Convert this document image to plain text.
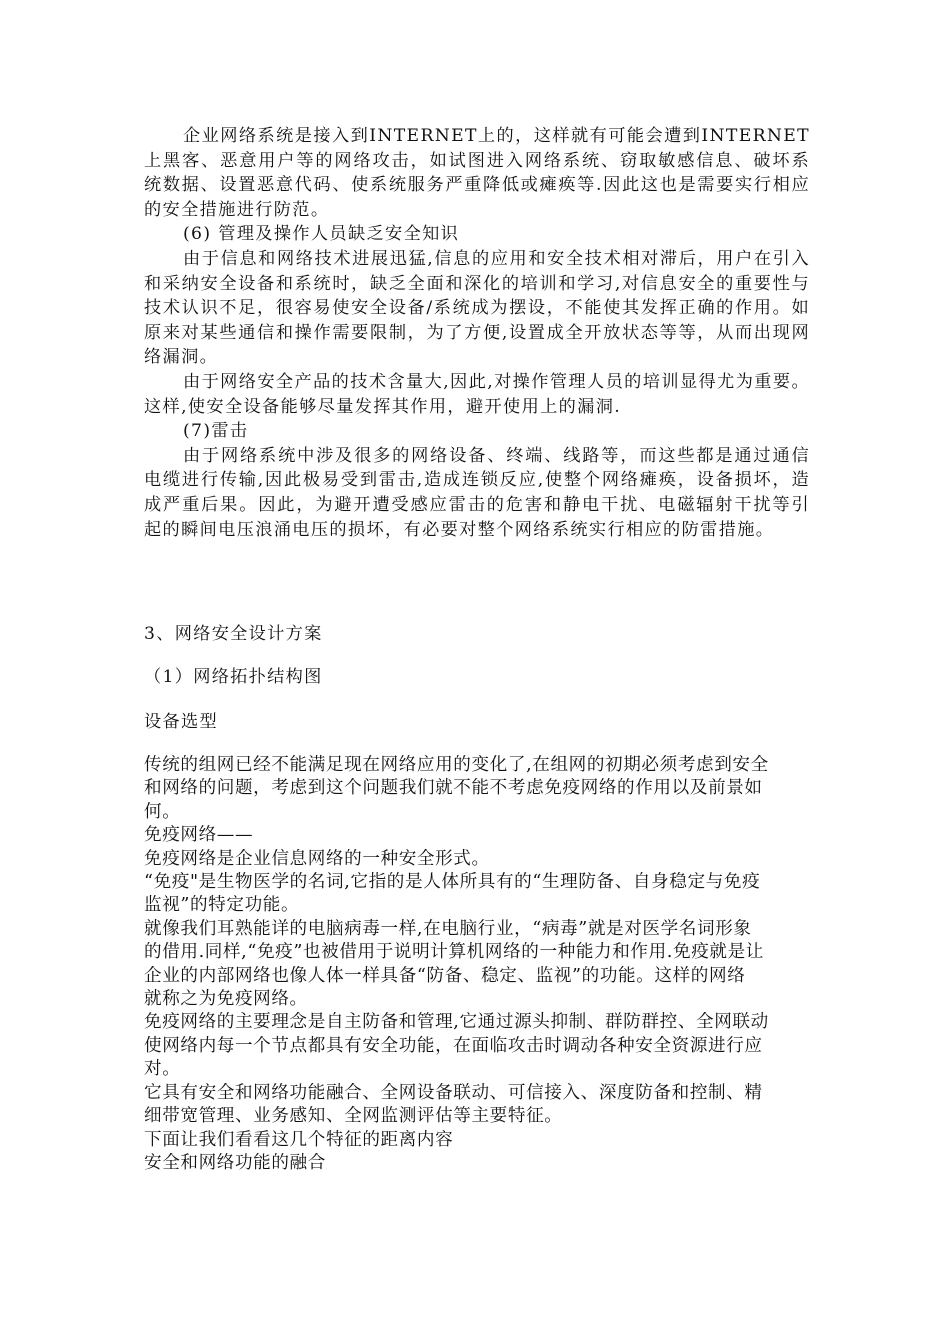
企业网络系统是接入到INTERNET上的，这样就有可能会遭到INTERNET上黑客、恶意用户等的网络攻击，如试图进入网络系统、窃取敏感信息、破坏系统数据、设置恶意代码、使系统服务严重降低或瘫痪等.因此这也是需要实行相应的安全措施进行防范。

(6) 管理及操作人员缺乏安全知识

由于信息和网络技术进展迅猛,信息的应用和安全技术相对滞后，用户在引入和采纳安全设备和系统时，缺乏全面和深化的培训和学习,对信息安全的重要性与技术认识不足，很容易使安全设备/系统成为摆设，不能使其发挥正确的作用。如原来对某些通信和操作需要限制，为了方便,设置成全开放状态等等，从而出现网络漏洞。

由于网络安全产品的技术含量大,因此,对操作管理人员的培训显得尤为重要。这样,使安全设备能够尽量发挥其作用，避开使用上的漏洞.

(7)雷击

由于网络系统中涉及很多的网络设备、终端、线路等，而这些都是通过通信电缆进行传输,因此极易受到雷击,造成连锁反应,使整个网络瘫痪，设备损坏，造成严重后果。因此，为避开遭受感应雷击的危害和静电干扰、电磁辐射干扰等引起的瞬间电压浪涌电压的损坏，有必要对整个网络系统实行相应的防雷措施。

3、网络安全设计方案
（1）网络拓扑结构图
设备选型

传统的组网已经不能满足现在网络应用的变化了,在组网的初期必须考虑到安全

和网络的问题，考虑到这个问题我们就不能不考虑免疫网络的作用以及前景如

何。

免疫网络——

免疫网络是企业信息网络的一种安全形式。

“免疫"是生物医学的名词,它指的是人体所具有的“生理防备、自身稳定与免疫

监视”的特定功能。

就像我们耳熟能详的电脑病毒一样,在电脑行业，“病毒”就是对医学名词形象

的借用.同样,“免疫”也被借用于说明计算机网络的一种能力和作用.免疫就是让

企业的内部网络也像人体一样具备“防备、稳定、监视”的功能。这样的网络

就称之为免疫网络。

免疫网络的主要理念是自主防备和管理,它通过源头抑制、群防群控、全网联动

使网络内每一个节点都具有安全功能，在面临攻击时调动各种安全资源进行应

对。

它具有安全和网络功能融合、全网设备联动、可信接入、深度防备和控制、精

细带宽管理、业务感知、全网监测评估等主要特征。

下面让我们看看这几个特征的距离内容

安全和网络功能的融合
